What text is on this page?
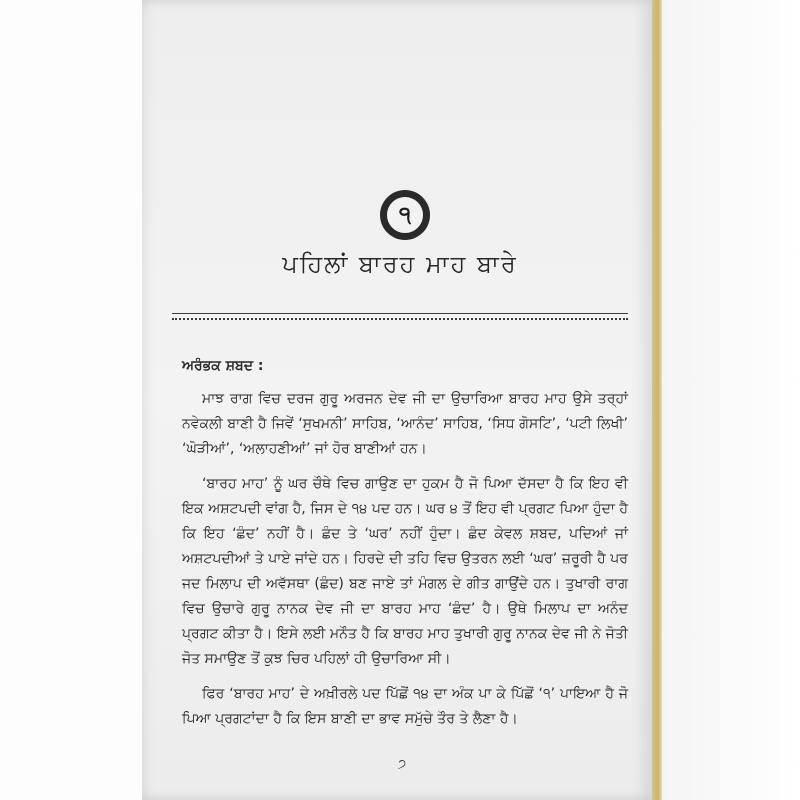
੧
ਪਹਿਲਾਂ ਬਾਰਹ ਮਾਹ ਬਾਰੇ

ਅਰੰਭਕ ਸ਼ਬਦ :

ਮਾਝ ਰਾਗ ਵਿਚ ਦਰਜ ਗੁਰੂ ਅਰਜਨ ਦੇਵ ਜੀ ਦਾ ਉਚਾਰਿਆ ਬਾਰਹ ਮਾਹ ਉਸੇ ਤਰ੍ਹਾਂ ਨਵੇਕਲੀ ਬਾਣੀ ਹੈ ਜਿਵੇਂ ‘ਸੁਖਮਨੀ’ ਸਾਹਿਬ, ‘ਆਨੰਦ’ ਸਾਹਿਬ, ‘ਸਿਧ ਗੋਸਟਿ’, ‘ਪਟੀ ਲਿਖੀ’ ‘ਘੋੜੀਆਂ’, ‘ਅਲਾਹਣੀਆਂ’ ਜਾਂ ਹੋਰ ਬਾਣੀਆਂ ਹਨ।

‘ਬਾਰਹ ਮਾਹ’ ਨੂੰ ਘਰ ਚੌਥੇ ਵਿਚ ਗਾਉਣ ਦਾ ਹੁਕਮ ਹੈ ਜੋ ਪਿਆ ਦੱਸਦਾ ਹੈ ਕਿ ਇਹ ਵੀ ਇਕ ਅਸ਼ਟਪਦੀ ਵਾਂਗ ਹੈ, ਜਿਸ ਦੇ ੧੪ ਪਦ ਹਨ। ਘਰ ੪ ਤੋਂ ਇਹ ਵੀ ਪ੍ਰਗਟ ਪਿਆ ਹੁੰਦਾ ਹੈ ਕਿ ਇਹ ‘ਛੰਦ’ ਨਹੀਂ ਹੈ। ਛੰਦ ਤੇ ‘ਘਰ’ ਨਹੀਂ ਹੁੰਦਾ। ਛੰਦ ਕੇਵਲ ਸ਼ਬਦ, ਪਦਿਆਂ ਜਾਂ ਅਸ਼ਟਪਦੀਆਂ ਤੇ ਪਾਏ ਜਾਂਦੇ ਹਨ। ਹਿਰਦੇ ਦੀ ਤਹਿ ਵਿਚ ਉਤਰਨ ਲਈ ‘ਘਰ’ ਜ਼ਰੂਰੀ ਹੈ ਪਰ ਜਦ ਮਿਲਾਪ ਦੀ ਅਵੱਸਥਾ (ਛੰਦ) ਬਣ ਜਾਏ ਤਾਂ ਮੰਗਲ ਦੇ ਗੀਤ ਗਾਉਂਦੇ ਹਨ। ਤੁਖਾਰੀ ਰਾਗ ਵਿਚ ਉਚਾਰੇ ਗੁਰੂ ਨਾਨਕ ਦੇਵ ਜੀ ਦਾ ਬਾਰਹ ਮਾਹ ‘ਛੰਦ’ ਹੈ। ਉਥੇ ਮਿਲਾਪ ਦਾ ਅਨੰਦ ਪ੍ਰਗਟ ਕੀਤਾ ਹੈ। ਇਸੇ ਲਈ ਮਨੌਤ ਹੈ ਕਿ ਬਾਰਹ ਮਾਹ ਤੁਖਾਰੀ ਗੁਰੂ ਨਾਨਕ ਦੇਵ ਜੀ ਨੇ ਜੋਤੀ ਜੋਤ ਸਮਾਉਣ ਤੋਂ ਕੁਝ ਚਿਰ ਪਹਿਲਾਂ ਹੀ ਉਚਾਰਿਆ ਸੀ।

ਫਿਰ ‘ਬਾਰਹ ਮਾਹ’ ਦੇ ਅਖ਼ੀਰਲੇ ਪਦ ਪਿੱਛੋਂ ੧੪ ਦਾ ਅੰਕ ਪਾ ਕੇ ਪਿੱਛੋਂ ‘੧’ ਪਾਇਆ ਹੈ ਜੋ ਪਿਆ ਪ੍ਰਗਟਾਂਦਾ ਹੈ ਕਿ ਇਸ ਬਾਣੀ ਦਾ ਭਾਵ ਸਮੁੱਚੇ ਤੌਰ ਤੇ ਲੈਣਾ ਹੈ।

੭
